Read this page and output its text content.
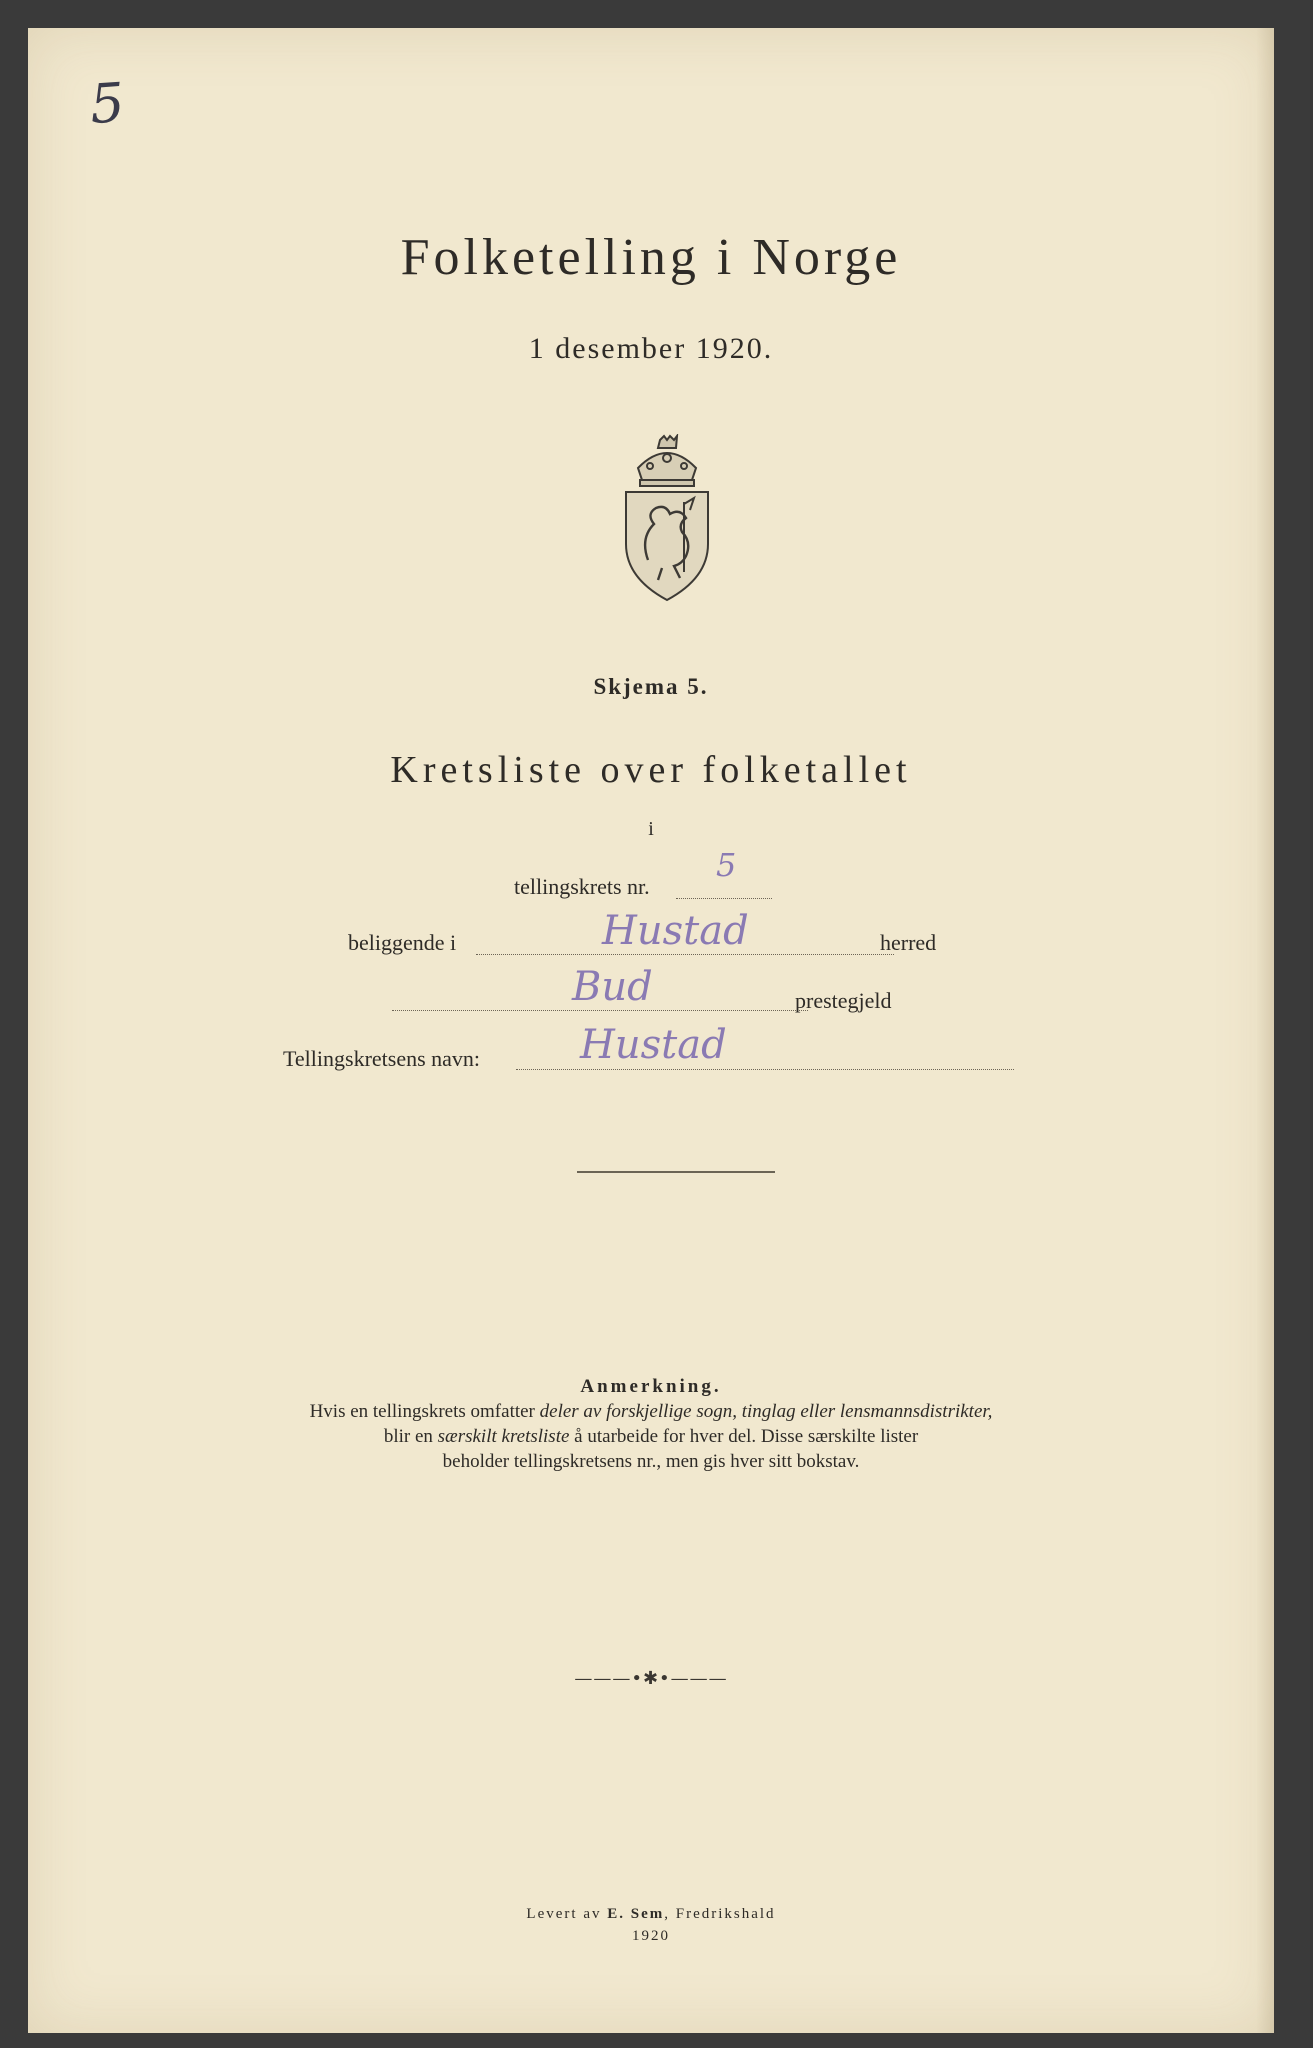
5
Folketelling i Norge
1 desember 1920.
Skjema 5.
Kretsliste over folketallet
i
tellingskrets nr.
5
beliggende i	Hustad	herred
Bud	prestegjeld
Tellingskretsens navn: Hustad
Anmerkning.
Hvis en tellingskrets omfatter deler av forskjellige sogn, tinglag eller lensmannsdistrikter,
blir en særskilt kretsliste å utarbeide for hver del. Disse særskilte lister
beholder tellingskretsens nr., men gis hver sitt bokstav.
———•✱•———
Levert av E. Sem, Fredrikshald
1920
